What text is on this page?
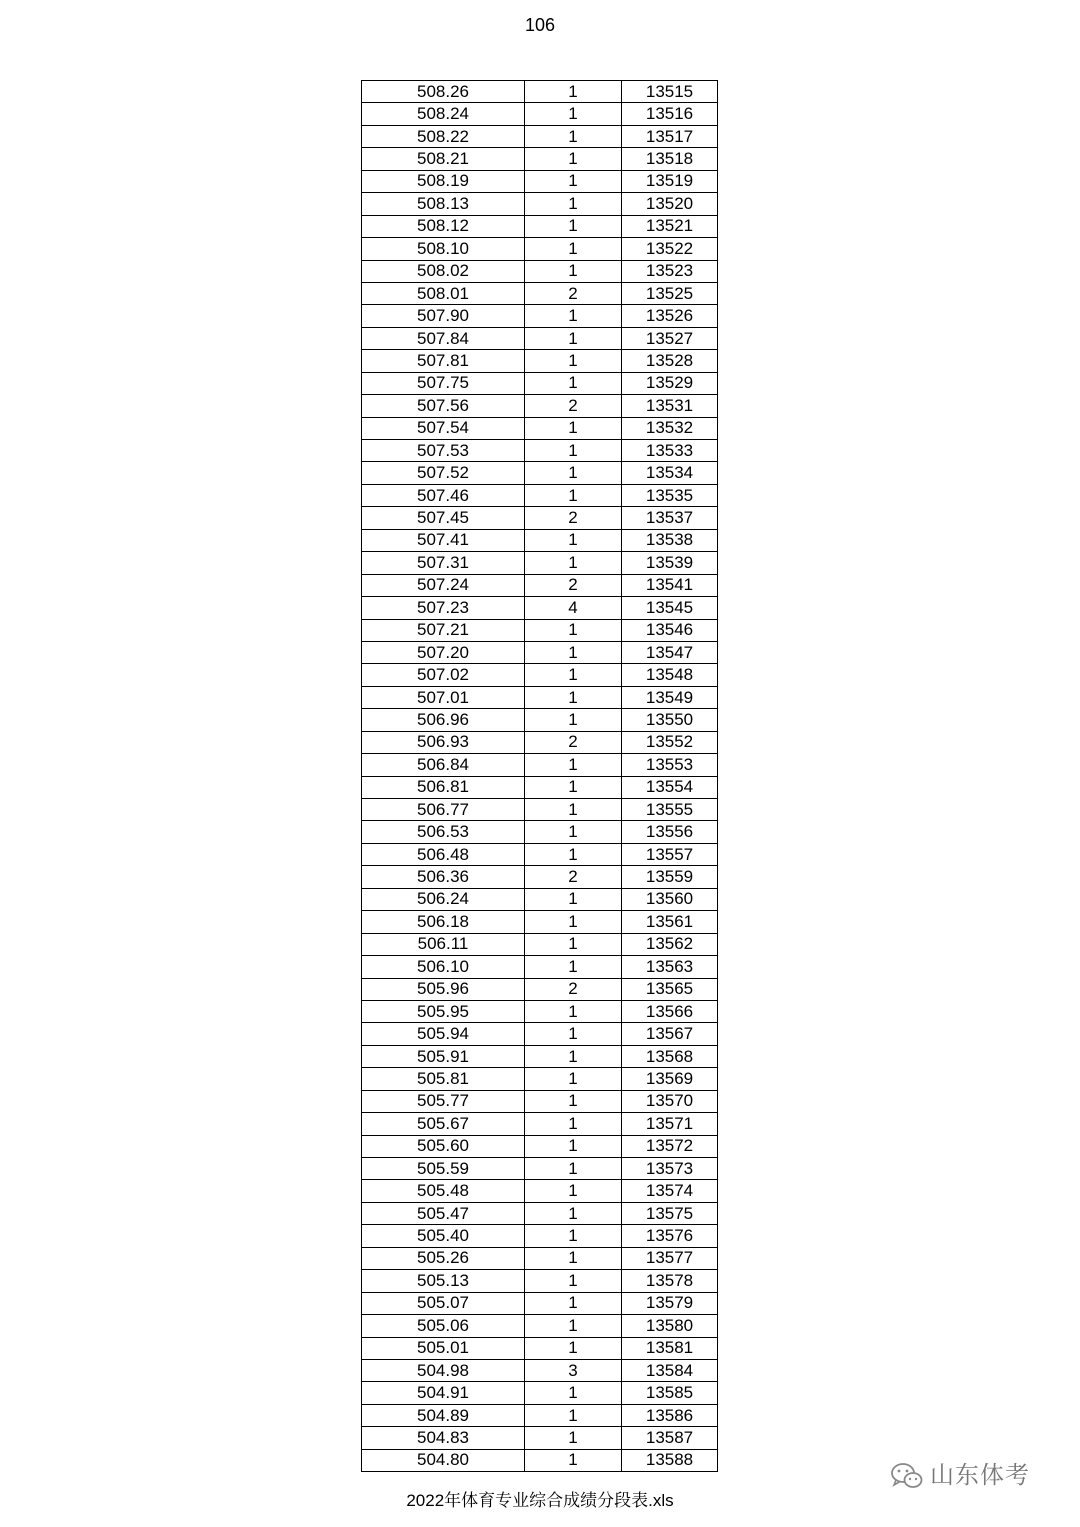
106
508.26	1	13515
508.24	1	13516
508.22	1	13517
508.21	1	13518
508.19	1	13519
508.13	1	13520
508.12	1	13521
508.10	1	13522
508.02	1	13523
508.01	2	13525
507.90	1	13526
507.84	1	13527
507.81	1	13528
507.75	1	13529
507.56	2	13531
507.54	1	13532
507.53	1	13533
507.52	1	13534
507.46	1	13535
507.45	2	13537
507.41	1	13538
507.31	1	13539
507.24	2	13541
507.23	4	13545
507.21	1	13546
507.20	1	13547
507.02	1	13548
507.01	1	13549
506.96	1	13550
506.93	2	13552
506.84	1	13553
506.81	1	13554
506.77	1	13555
506.53	1	13556
506.48	1	13557
506.36	2	13559
506.24	1	13560
506.18	1	13561
506.11	1	13562
506.10	1	13563
505.96	2	13565
505.95	1	13566
505.94	1	13567
505.91	1	13568
505.81	1	13569
505.77	1	13570
505.67	1	13571
505.60	1	13572
505.59	1	13573
505.48	1	13574
505.47	1	13575
505.40	1	13576
505.26	1	13577
505.13	1	13578
505.07	1	13579
505.06	1	13580
505.01	1	13581
504.98	3	13584
504.91	1	13585
504.89	1	13586
504.83	1	13587
504.80	1	13588
山东体考
2022年体育专业综合成绩分段表.xls
